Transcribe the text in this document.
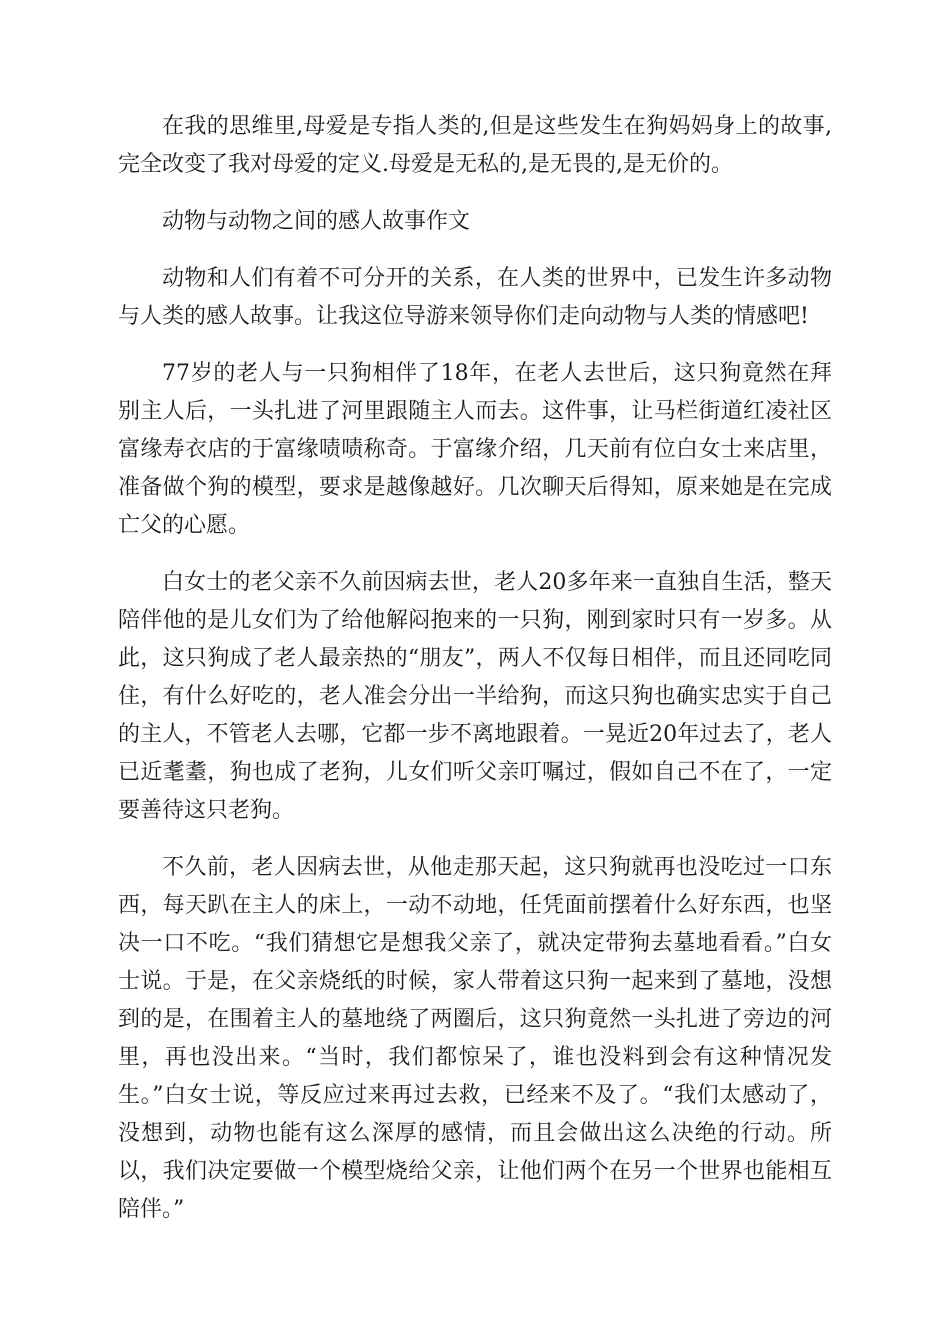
在我的思维里,母爱是专指人类的,但是这些发生在狗妈妈身上的故事,完全改变了我对母爱的定义.母爱是无私的,是无畏的,是无价的。

动物与动物之间的感人故事作文

动物和人们有着不可分开的关系，在人类的世界中，已发生许多动物与人类的感人故事。让我这位导游来领导你们走向动物与人类的情感吧!

77岁的老人与一只狗相伴了18年，在老人去世后，这只狗竟然在拜别主人后，一头扎进了河里跟随主人而去。这件事，让马栏街道红凌社区富缘寿衣店的于富缘啧啧称奇。于富缘介绍，几天前有位白女士来店里，准备做个狗的模型，要求是越像越好。几次聊天后得知，原来她是在完成亡父的心愿。

白女士的老父亲不久前因病去世，老人20多年来一直独自生活，整天陪伴他的是儿女们为了给他解闷抱来的一只狗，刚到家时只有一岁多。从此，这只狗成了老人最亲热的“朋友”，两人不仅每日相伴，而且还同吃同住，有什么好吃的，老人准会分出一半给狗，而这只狗也确实忠实于自己的主人，不管老人去哪，它都一步不离地跟着。一晃近20年过去了，老人已近耄耋，狗也成了老狗，儿女们听父亲叮嘱过，假如自己不在了，一定要善待这只老狗。

不久前，老人因病去世，从他走那天起，这只狗就再也没吃过一口东西，每天趴在主人的床上，一动不动地，任凭面前摆着什么好东西，也坚决一口不吃。“我们猜想它是想我父亲了，就决定带狗去墓地看看。”白女士说。于是，在父亲烧纸的时候，家人带着这只狗一起来到了墓地，没想到的是，在围着主人的墓地绕了两圈后，这只狗竟然一头扎进了旁边的河里，再也没出来。“当时，我们都惊呆了，谁也没料到会有这种情况发生。”白女士说，等反应过来再过去救，已经来不及了。“我们太感动了，没想到，动物也能有这么深厚的感情，而且会做出这么决绝的行动。所以，我们决定要做一个模型烧给父亲，让他们两个在另一个世界也能相互陪伴。”
